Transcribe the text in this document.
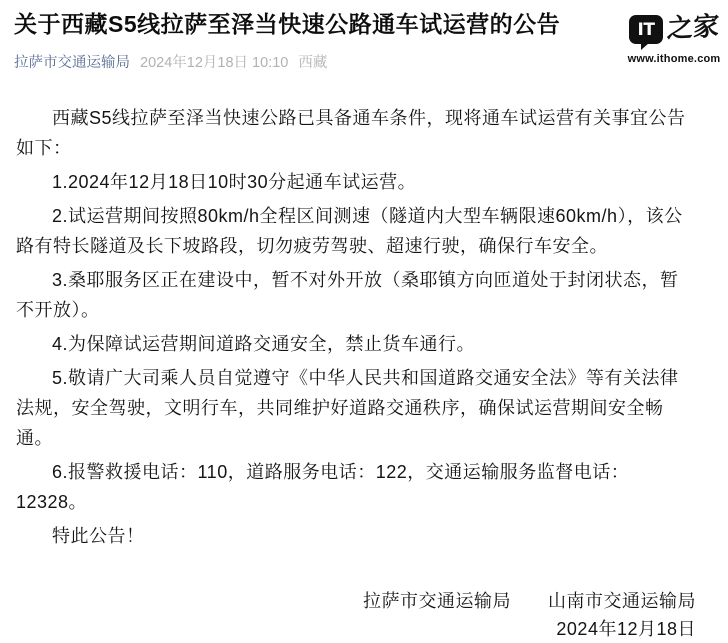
关于西藏S5线拉萨至泽当快速公路通车试运营的公告
拉萨市交通运输局 2024年12月18日 10:10 西藏
IT 之家
www.ithome.com

西藏S5线拉萨至泽当快速公路已具备通车条件，现将通车试运营有关事宜公告如下：

1.2024年12月18日10时30分起通车试运营。

2.试运营期间按照80km/h全程区间测速（隧道内大型车辆限速60km/h），该公路有特长隧道及长下坡路段，切勿疲劳驾驶、超速行驶，确保行车安全。

3.桑耶服务区正在建设中，暂不对外开放（桑耶镇方向匝道处于封闭状态，暂不开放）。

4.为保障试运营期间道路交通安全，禁止货车通行。

5.敬请广大司乘人员自觉遵守《中华人民共和国道路交通安全法》等有关法律法规，安全驾驶，文明行车，共同维护好道路交通秩序，确保试运营期间安全畅通。

6.报警救援电话：110，道路服务电话：122，交通运输服务监督电话：12328。

特此公告！

拉萨市交通运输局　　山南市交通运输局
2024年12月18日
